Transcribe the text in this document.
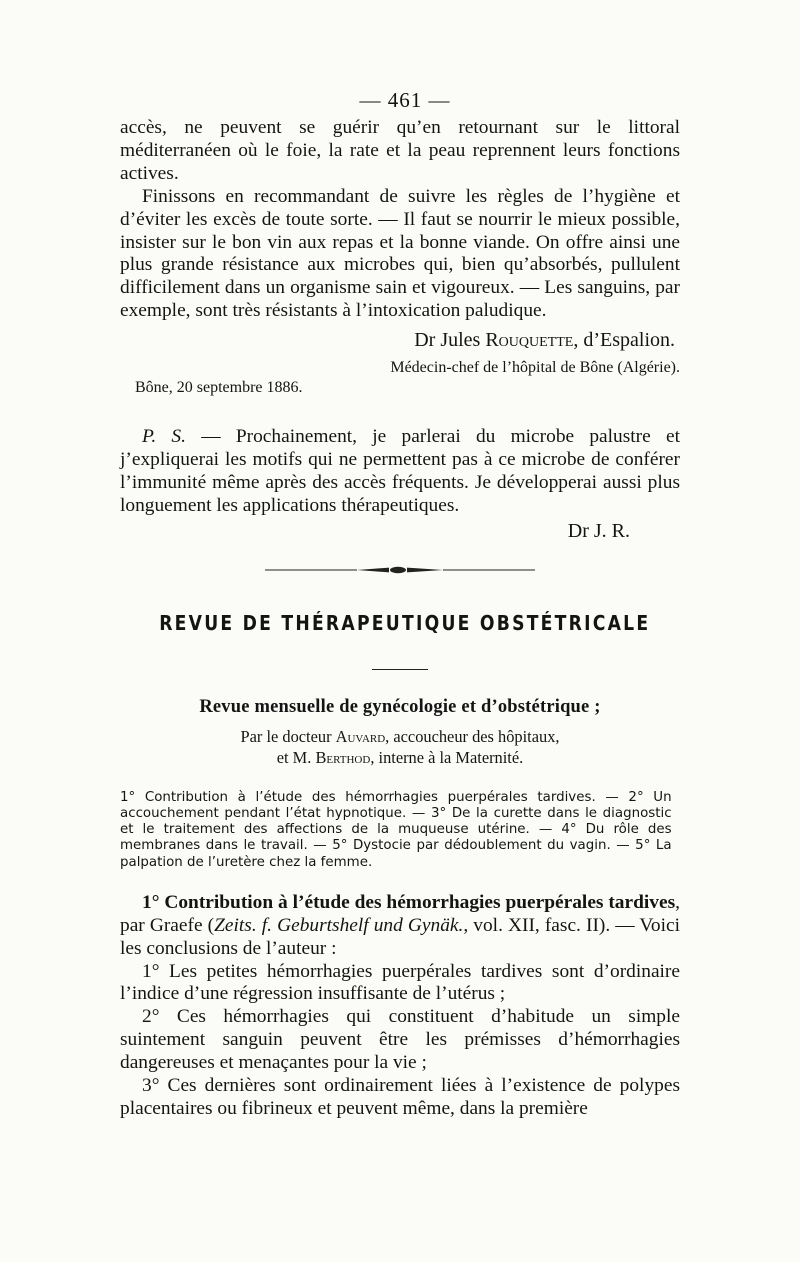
— 461 —

accès, ne peuvent se guérir qu’en retournant sur le littoral méditerranéen où le foie, la rate et la peau reprennent leurs fonctions actives.

Finissons en recommandant de suivre les règles de l’hygiène et d’éviter les excès de toute sorte. — Il faut se nourrir le mieux possible, insister sur le bon vin aux repas et la bonne viande. On offre ainsi une plus grande résistance aux microbes qui, bien qu’absorbés, pullulent difficilement dans un organisme sain et vigoureux. — Les sanguins, par exemple, sont très résistants à l’intoxication paludique.

Dr Jules Rouquette, d’Espalion.
Médecin-chef de l’hôpital de Bône (Algérie).
Bône, 20 septembre 1886.

P. S. — Prochainement, je parlerai du microbe palustre et j’expliquerai les motifs qui ne permettent pas à ce microbe de conférer l’immunité même après des accès fréquents. Je développerai aussi plus longuement les applications thérapeutiques.

Dr J. R.
REVUE DE THÉRAPEUTIQUE OBSTÉTRICALE
Revue mensuelle de gynécologie et d’obstétrique ;
Par le docteur Auvard, accoucheur des hôpitaux,
et M. Berthod, interne à la Maternité.

1° Contribution à l’étude des hémorrhagies puerpérales tardives. — 2° Un accouchement pendant l’état hypnotique. — 3° De la curette dans le diagnostic et le traitement des affections de la muqueuse utérine. — 4° Du rôle des membranes dans le travail. — 5° Dystocie par dédoublement du vagin. — 5° La palpation de l’uretère chez la femme.

1° Contribution à l’étude des hémorrhagies puerpérales tardives, par Graefe (Zeits. f. Geburtshelf und Gynäk., vol. XII, fasc. II). — Voici les conclusions de l’auteur :

1° Les petites hémorrhagies puerpérales tardives sont d’ordinaire l’indice d’une régression insuffisante de l’utérus ;

2° Ces hémorrhagies qui constituent d’habitude un simple suintement sanguin peuvent être les prémisses d’hémorrhagies dangereuses et menaçantes pour la vie ;

3° Ces dernières sont ordinairement liées à l’existence de polypes placentaires ou fibrineux et peuvent même, dans la première
